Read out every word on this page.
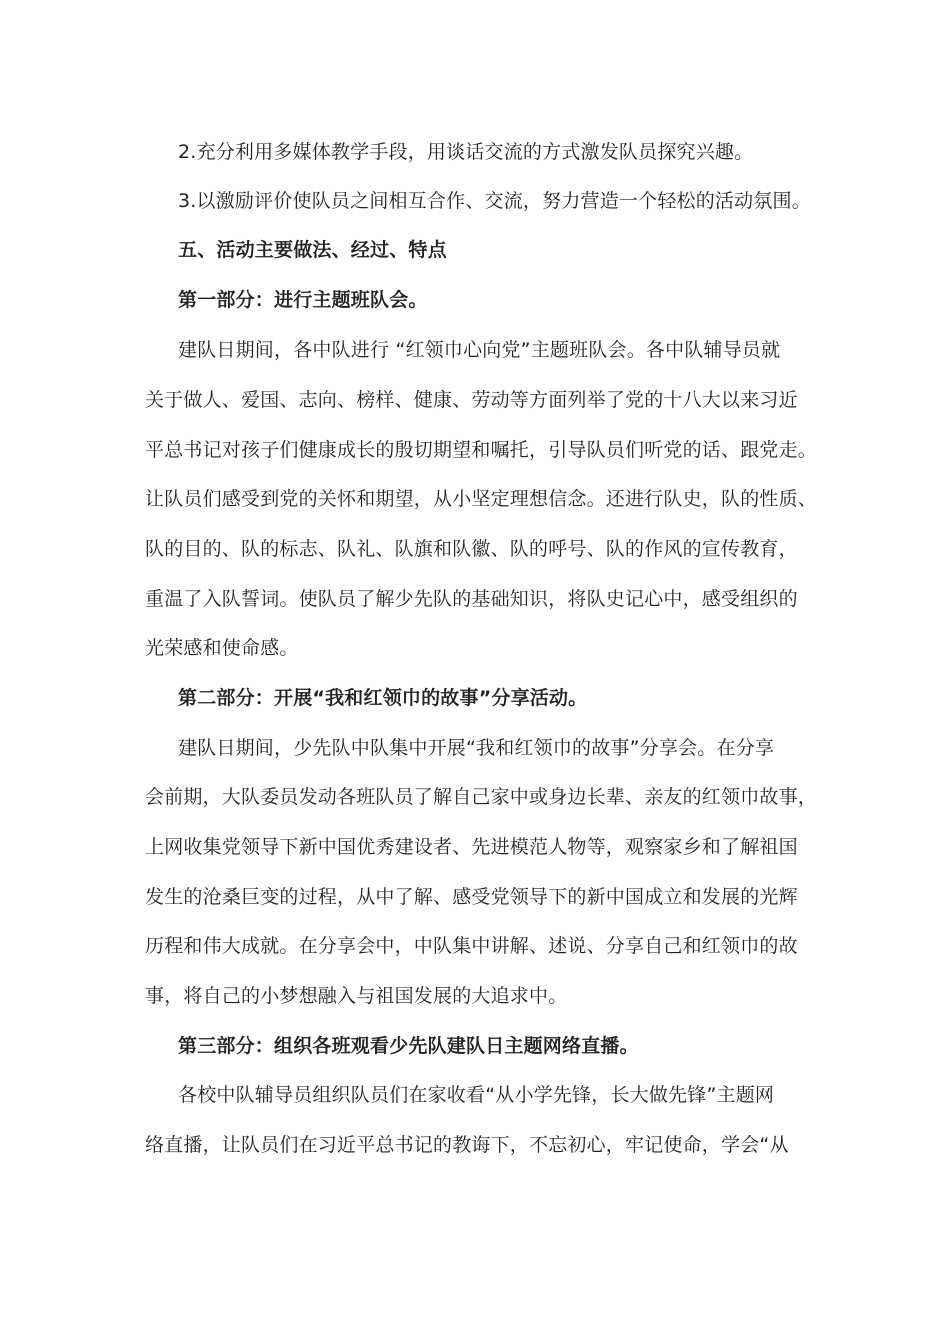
2.充分利用多媒体教学手段，用谈话交流的方式激发队员探究兴趣。
3.以激励评价使队员之间相互合作、交流，努力营造一个轻松的活动氛围。
五、活动主要做法、经过、特点
第一部分：进行主题班队会。
建队日期间，各中队进行 “红领巾心向党”主题班队会。各中队辅导员就
关于做人、爱国、志向、榜样、健康、劳动等方面列举了党的十八大以来习近
平总书记对孩子们健康成长的殷切期望和嘱托，引导队员们听党的话、跟党走。
让队员们感受到党的关怀和期望，从小坚定理想信念。还进行队史，队的性质、
队的目的、队的标志、队礼、队旗和队徽、队的呼号、队的作风的宣传教育，
重温了入队誓词。使队员了解少先队的基础知识，将队史记心中，感受组织的
光荣感和使命感。
第二部分：开展“我和红领巾的故事”分享活动。
建队日期间，少先队中队集中开展“我和红领巾的故事”分享会。在分享
会前期，大队委员发动各班队员了解自己家中或身边长辈、亲友的红领巾故事，
上网收集党领导下新中国优秀建设者、先进模范人物等，观察家乡和了解祖国
发生的沧桑巨变的过程，从中了解、感受党领导下的新中国成立和发展的光辉
历程和伟大成就。在分享会中，中队集中讲解、述说、分享自己和红领巾的故
事，将自己的小梦想融入与祖国发展的大追求中。
第三部分：组织各班观看少先队建队日主题网络直播。
各校中队辅导员组织队员们在家收看“从小学先锋，长大做先锋”主题网
络直播，让队员们在习近平总书记的教诲下，不忘初心，牢记使命，学会“从
